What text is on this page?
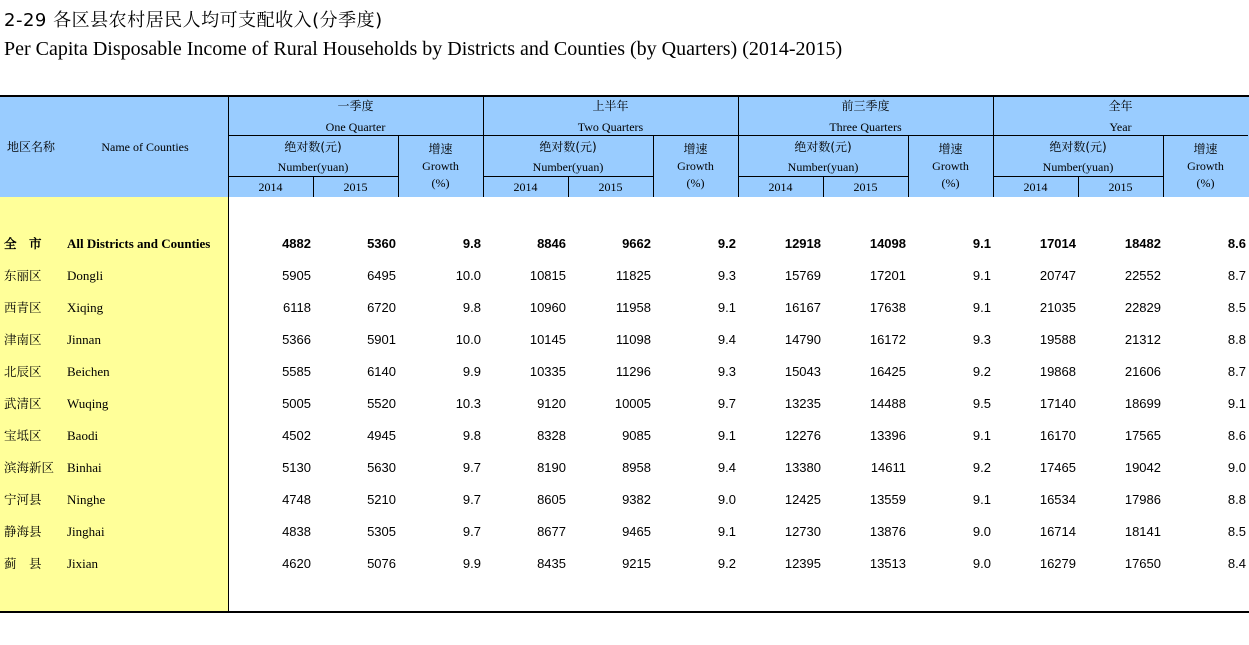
2-29 各区县农村居民人均可支配收入(分季度)
Per Capita Disposable Income of Rural Households by Districts and Counties (by Quarters) (2014-2015)
地区名称	Name of Counties
一季度
One Quarter
绝对数(元)
Number(yuan)
2014	2015
增速
Growth
(%)
上半年
Two Quarters
绝对数(元)
Number(yuan)
2014	2015
增速
Growth
(%)
前三季度
Three Quarters
绝对数(元)
Number(yuan)
2014	2015
增速
Growth
(%)
全年
Year
绝对数(元)
Number(yuan)
2014	2015
增速
Growth
(%)
全　市 All Districts and Counties	4882	5360	9.8	8846	9662	9.2	12918	14098	9.1	17014	18482	8.6
东丽区 Dongli	5905	6495	10.0	10815	11825	9.3	15769	17201	9.1	20747	22552	8.7
西青区 Xiqing	6118	6720	9.8	10960	11958	9.1	16167	17638	9.1	21035	22829	8.5
津南区 Jinnan	5366	5901	10.0	10145	11098	9.4	14790	16172	9.3	19588	21312	8.8
北辰区 Beichen	5585	6140	9.9	10335	11296	9.3	15043	16425	9.2	19868	21606	8.7
武清区 Wuqing	5005	5520	10.3	9120	10005	9.7	13235	14488	9.5	17140	18699	9.1
宝坻区 Baodi	4502	4945	9.8	8328	9085	9.1	12276	13396	9.1	16170	17565	8.6
滨海新区 Binhai	5130	5630	9.7	8190	8958	9.4	13380	14611	9.2	17465	19042	9.0
宁河县 Ninghe	4748	5210	9.7	8605	9382	9.0	12425	13559	9.1	16534	17986	8.8
静海县 Jinghai	4838	5305	9.7	8677	9465	9.1	12730	13876	9.0	16714	18141	8.5
蓟　县 Jixian	4620	5076	9.9	8435	9215	9.2	12395	13513	9.0	16279	17650	8.4
